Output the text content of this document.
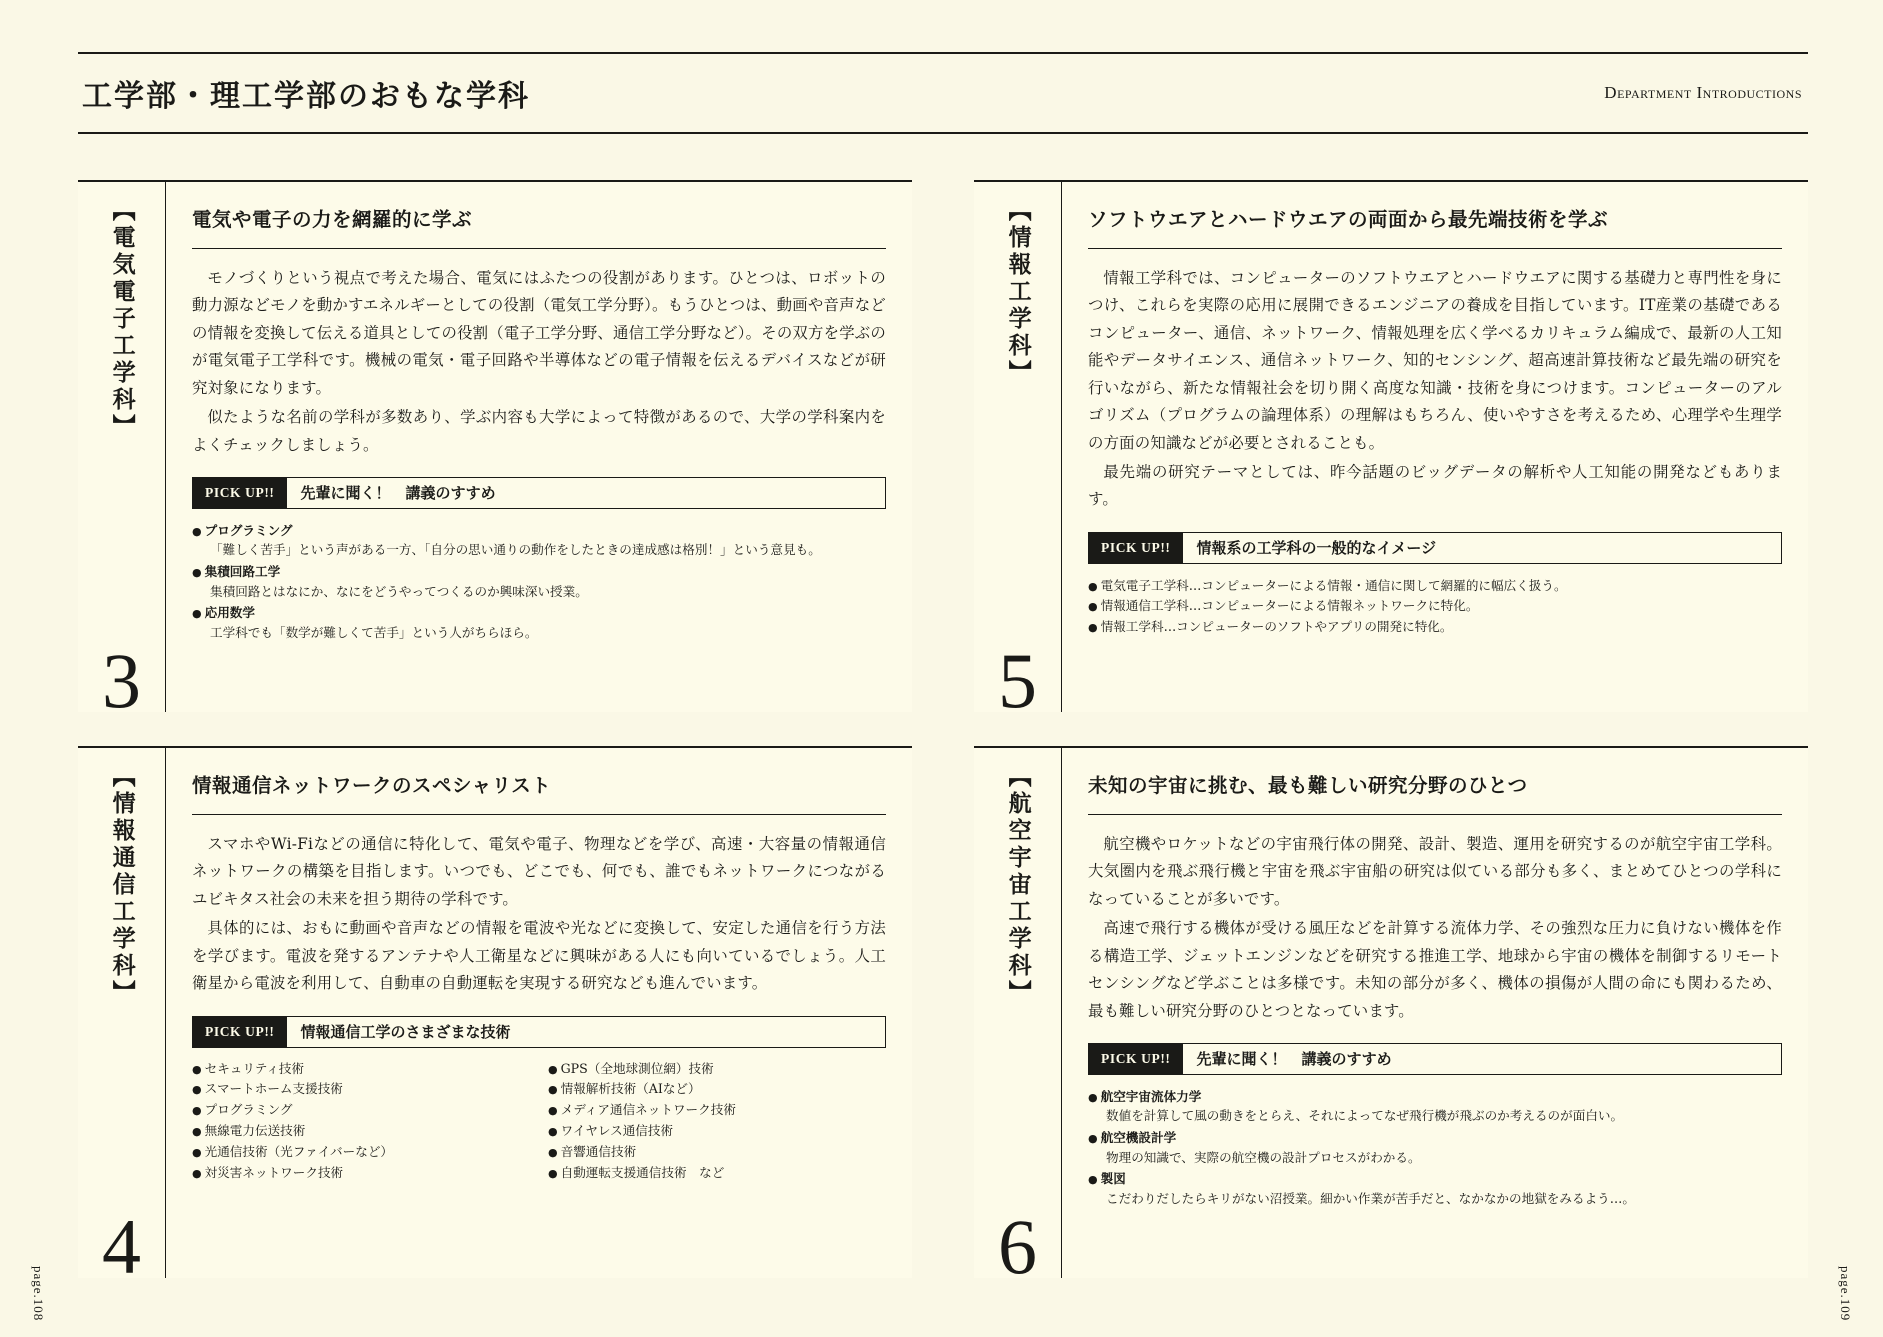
工学部・理工学部のおもな学科	Department Introductions
page.108	page.109
【電気電子工学科】
3
電気や電子の力を網羅的に学ぶ

モノづくりという視点で考えた場合、電気にはふたつの役割があります。ひとつは、ロボットの動力源などモノを動かすエネルギーとしての役割（電気工学分野）。もうひとつは、動画や音声などの情報を変換して伝える道具としての役割（電子工学分野、通信工学分野など）。その双方を学ぶのが電気電子工学科です。機械の電気・電子回路や半導体などの電子情報を伝えるデバイスなどが研究対象になります。

似たような名前の学科が多数あり、学ぶ内容も大学によって特徴があるので、大学の学科案内をよくチェックしましょう。

PICK UP!!	先輩に聞く！　講義のすすめ
● プログラミング
「難しく苦手」という声がある一方、「自分の思い通りの動作をしたときの達成感は格別！」という意見も。
● 集積回路工学
集積回路とはなにか、なにをどうやってつくるのか興味深い授業。
● 応用数学
工学科でも「数学が難しくて苦手」という人がちらほら。
【情報通信工学科】
4
情報通信ネットワークのスペシャリスト

スマホやWi-Fiなどの通信に特化して、電気や電子、物理などを学び、高速・大容量の情報通信ネットワークの構築を目指します。いつでも、どこでも、何でも、誰でもネットワークにつながるユビキタス社会の未来を担う期待の学科です。

具体的には、おもに動画や音声などの情報を電波や光などに変換して、安定した通信を行う方法を学びます。電波を発するアンテナや人工衛星などに興味がある人にも向いているでしょう。人工衛星から電波を利用して、自動車の自動運転を実現する研究なども進んでいます。

PICK UP!!	情報通信工学のさまざまな技術
● セキュリティ技術	● GPS（全地球測位網）技術
● スマートホーム支援技術	● 情報解析技術（AIなど）
● プログラミング	● メディア通信ネットワーク技術
● 無線電力伝送技術	● ワイヤレス通信技術
● 光通信技術（光ファイバーなど）	● 音響通信技術
● 対災害ネットワーク技術	● 自動運転支援通信技術　など
【情報工学科】
5
ソフトウエアとハードウエアの両面から最先端技術を学ぶ

情報工学科では、コンピューターのソフトウエアとハードウエアに関する基礎力と専門性を身につけ、これらを実際の応用に展開できるエンジニアの養成を目指しています。IT産業の基礎であるコンピューター、通信、ネットワーク、情報処理を広く学べるカリキュラム編成で、最新の人工知能やデータサイエンス、通信ネットワーク、知的センシング、超高速計算技術など最先端の研究を行いながら、新たな情報社会を切り開く高度な知識・技術を身につけます。コンピューターのアルゴリズム（プログラムの論理体系）の理解はもちろん、使いやすさを考えるため、心理学や生理学の方面の知識などが必要とされることも。

最先端の研究テーマとしては、昨今話題のビッグデータの解析や人工知能の開発などもあります。

PICK UP!!	情報系の工学科の一般的なイメージ
● 電気電子工学科…コンピューターによる情報・通信に関して網羅的に幅広く扱う。
● 情報通信工学科…コンピューターによる情報ネットワークに特化。
● 情報工学科…コンピューターのソフトやアプリの開発に特化。
【航空宇宙工学科】
6
未知の宇宙に挑む、最も難しい研究分野のひとつ

航空機やロケットなどの宇宙飛行体の開発、設計、製造、運用を研究するのが航空宇宙工学科。大気圏内を飛ぶ飛行機と宇宙を飛ぶ宇宙船の研究は似ている部分も多く、まとめてひとつの学科になっていることが多いです。

高速で飛行する機体が受ける風圧などを計算する流体力学、その強烈な圧力に負けない機体を作る構造工学、ジェットエンジンなどを研究する推進工学、地球から宇宙の機体を制御するリモートセンシングなど学ぶことは多様です。未知の部分が多く、機体の損傷が人間の命にも関わるため、最も難しい研究分野のひとつとなっています。

PICK UP!!	先輩に聞く！　講義のすすめ
● 航空宇宙流体力学
数値を計算して風の動きをとらえ、それによってなぜ飛行機が飛ぶのか考えるのが面白い。
● 航空機設計学
物理の知識で、実際の航空機の設計プロセスがわかる。
● 製図
こだわりだしたらキリがない沼授業。細かい作業が苦手だと、なかなかの地獄をみるよう…。
